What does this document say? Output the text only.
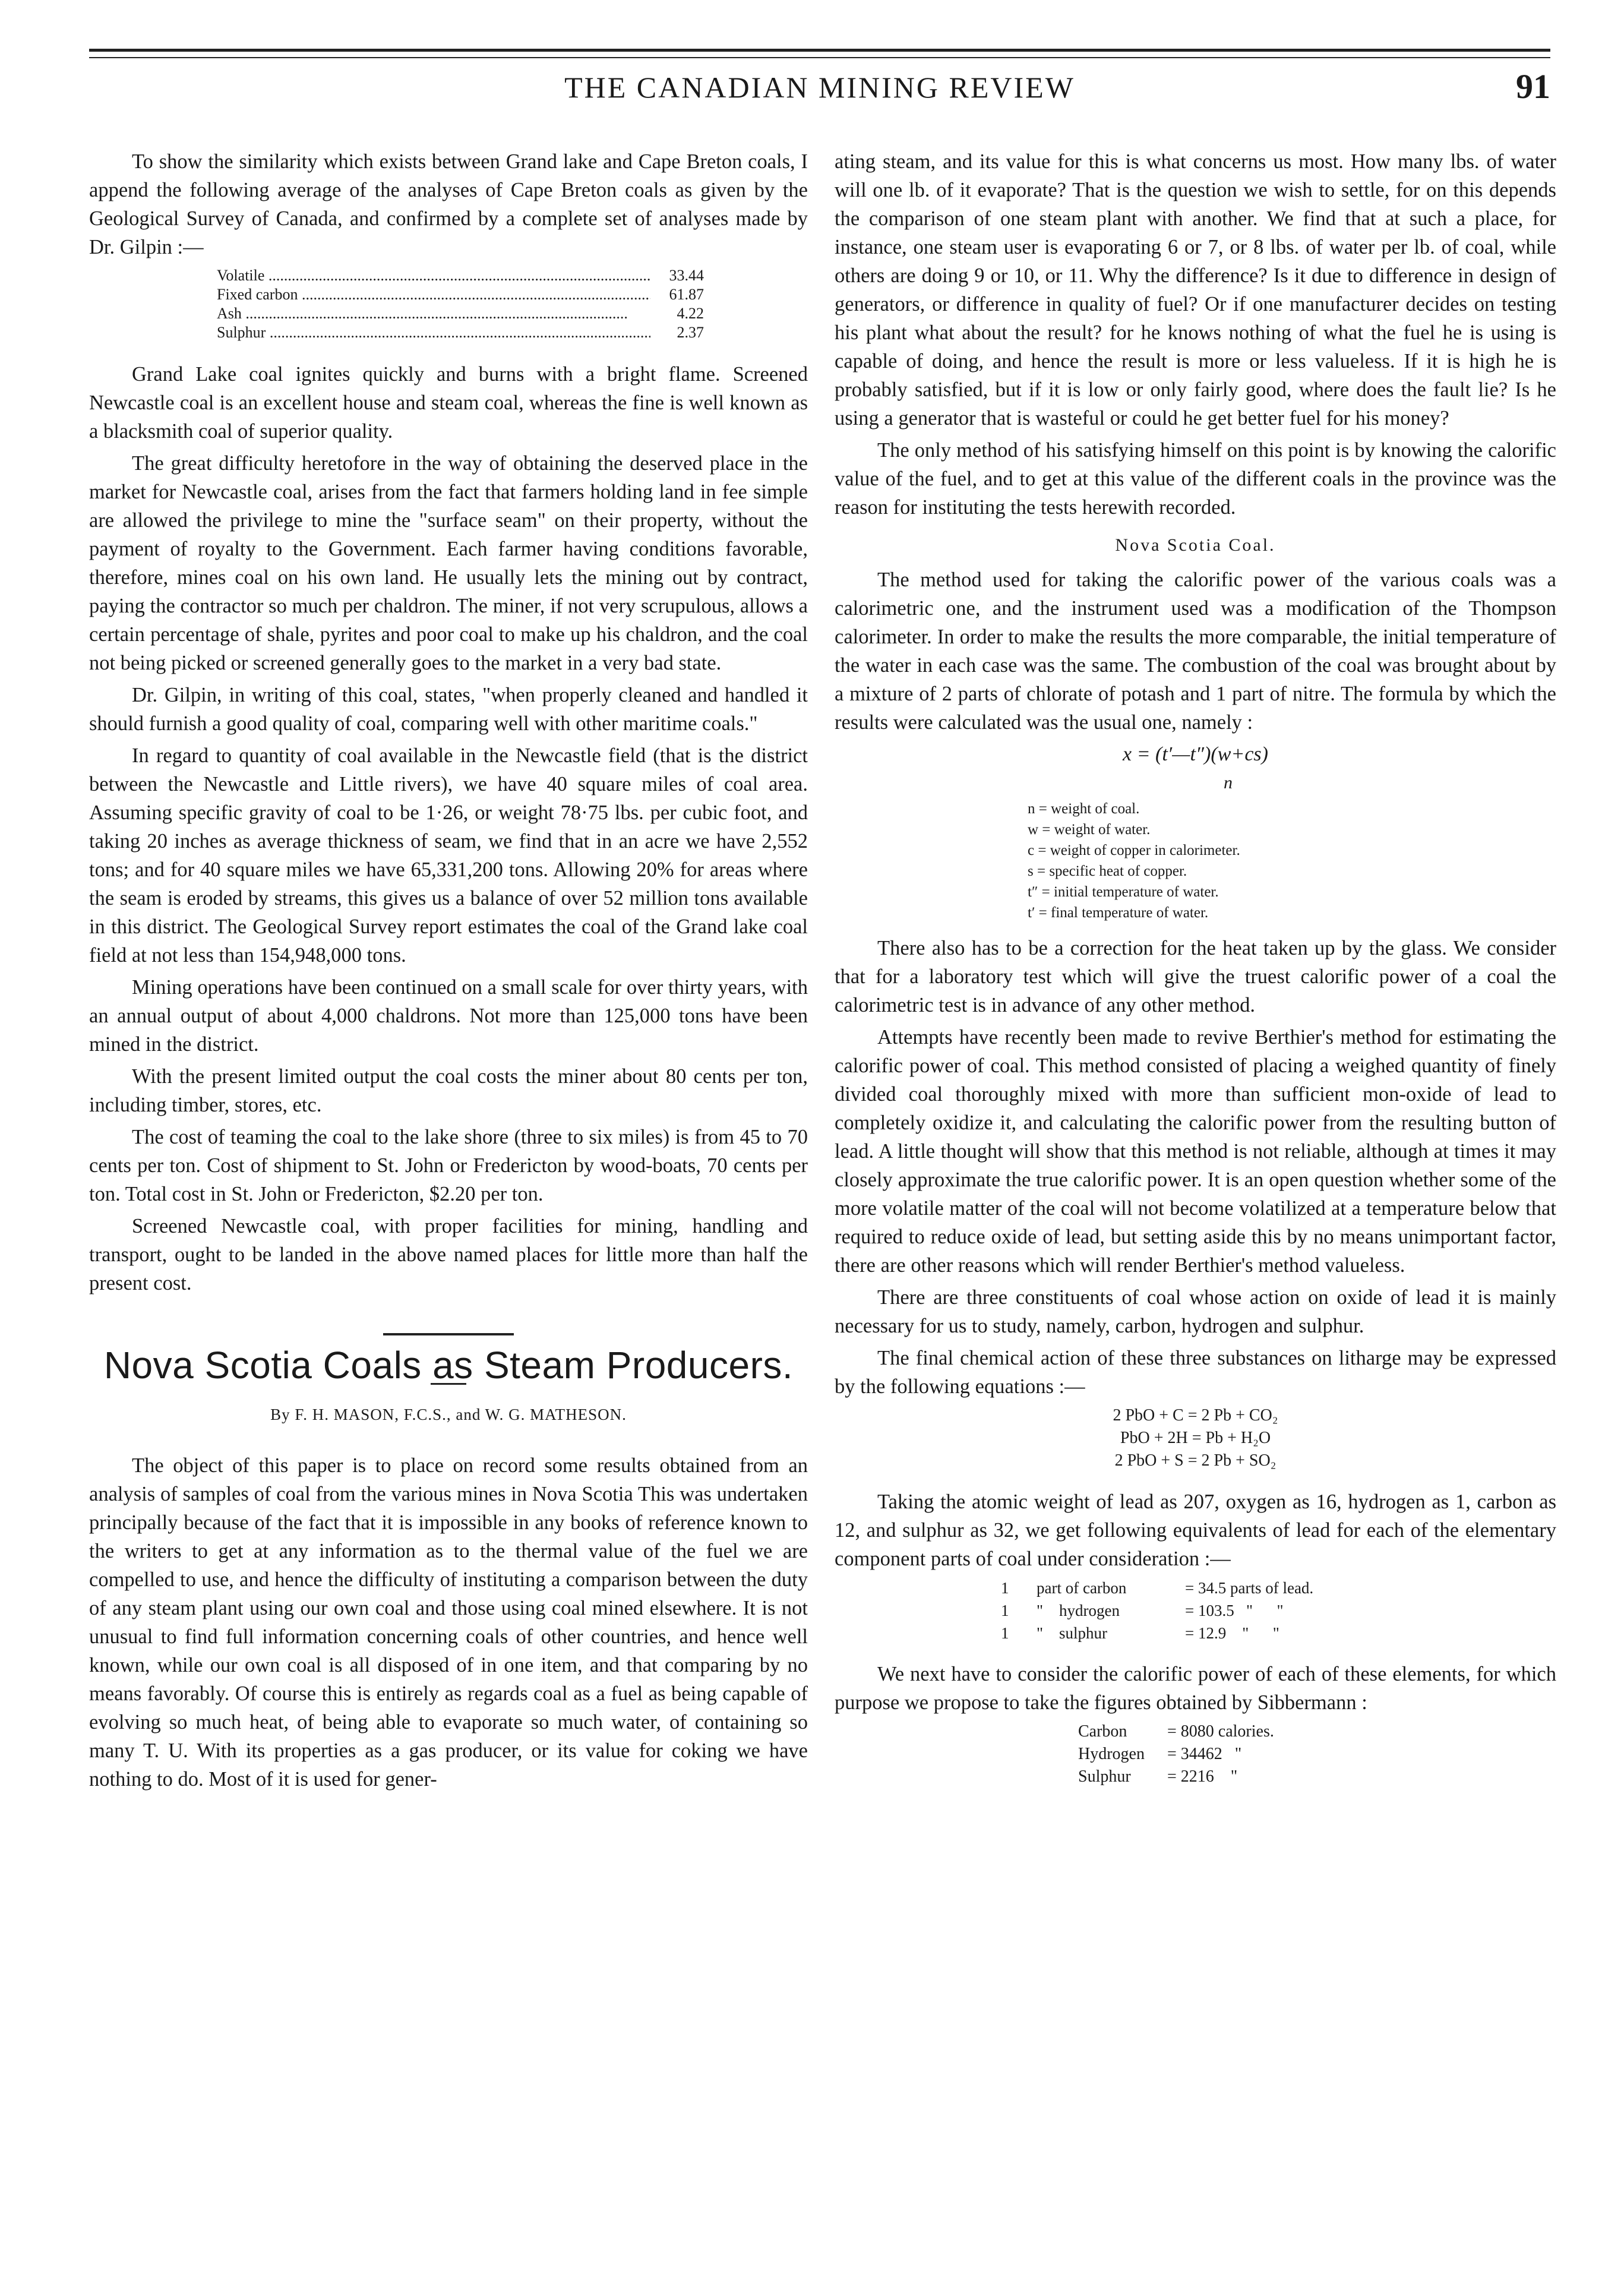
THE CANADIAN MINING REVIEW	91

To show the similarity which exists between Grand lake and Cape Breton coals, I append the following average of the analyses of Cape Breton coals as given by the Geological Survey of Canada, and confirmed by a complete set of analyses made by Dr. Gilpin :—

Volatile .....	33.44
Fixed carbon .....	61.87
Ash .....	4.22
Sulphur .....	2.37

Grand Lake coal ignites quickly and burns with a bright flame. Screened Newcastle coal is an excellent house and steam coal, whereas the fine is well known as a blacksmith coal of superior quality.

The great difficulty heretofore in the way of obtaining the deserved place in the market for Newcastle coal, arises from the fact that farmers holding land in fee simple are allowed the privilege to mine the "surface seam" on their property, without the payment of royalty to the Government. Each farmer having conditions favorable, therefore, mines coal on his own land. He usually lets the mining out by contract, paying the contractor so much per chaldron. The miner, if not very scrupulous, allows a certain percentage of shale, pyrites and poor coal to make up his chaldron, and the coal not being picked or screened generally goes to the market in a very bad state.

Dr. Gilpin, in writing of this coal, states, "when properly cleaned and handled it should furnish a good quality of coal, comparing well with other maritime coals."

In regard to quantity of coal available in the Newcastle field (that is the district between the Newcastle and Little rivers), we have 40 square miles of coal area. Assuming specific gravity of coal to be 1·26, or weight 78·75 lbs. per cubic foot, and taking 20 inches as average thickness of seam, we find that in an acre we have 2,552 tons; and for 40 square miles we have 65,331,200 tons. Allowing 20% for areas where the seam is eroded by streams, this gives us a balance of over 52 million tons available in this district. The Geological Survey report estimates the coal of the Grand lake coal field at not less than 154,948,000 tons.

Mining operations have been continued on a small scale for over thirty years, with an annual output of about 4,000 chaldrons. Not more than 125,000 tons have been mined in the district.

With the present limited output the coal costs the miner about 80 cents per ton, including timber, stores, etc.

The cost of teaming the coal to the lake shore (three to six miles) is from 45 to 70 cents per ton. Cost of shipment to St. John or Fredericton by wood-boats, 70 cents per ton. Total cost in St. John or Fredericton, $2.20 per ton.

Screened Newcastle coal, with proper facilities for mining, handling and transport, ought to be landed in the above named places for little more than half the present cost.

Nova Scotia Coals as Steam Producers.
By F. H. MASON, F.C.S., and W. G. MATHESON.

The object of this paper is to place on record some results obtained from an analysis of samples of coal from the various mines in Nova Scotia This was undertaken principally because of the fact that it is impossible in any books of reference known to the writers to get at any information as to the thermal value of the fuel we are compelled to use, and hence the difficulty of instituting a comparison between the duty of any steam plant using our own coal and those using coal mined elsewhere. It is not unusual to find full information concerning coals of other countries, and hence well known, while our own coal is all disposed of in one item, and that comparing by no means favorably. Of course this is entirely as regards coal as a fuel as being capable of evolving so much heat, of being able to evaporate so much water, of containing so many T. U. With its properties as a gas producer, or its value for coking we have nothing to do. Most of it is used for gener-

ating steam, and its value for this is what concerns us most. How many lbs. of water will one lb. of it evaporate? That is the question we wish to settle, for on this depends the comparison of one steam plant with another. We find that at such a place, for instance, one steam user is evaporating 6 or 7, or 8 lbs. of water per lb. of coal, while others are doing 9 or 10, or 11. Why the difference? Is it due to difference in design of generators, or difference in quality of fuel? Or if one manufacturer decides on testing his plant what about the result? for he knows nothing of what the fuel he is using is capable of doing, and hence the result is more or less valueless. If it is high he is probably satisfied, but if it is low or only fairly good, where does the fault lie? Is he using a generator that is wasteful or could he get better fuel for his money?

The only method of his satisfying himself on this point is by knowing the calorific value of the fuel, and to get at this value of the different coals in the province was the reason for instituting the tests herewith recorded.

Nova Scotia Coal.

The method used for taking the calorific power of the various coals was a calorimetric one, and the instrument used was a modification of the Thompson calorimeter. In order to make the results the more comparable, the initial temperature of the water in each case was the same. The combustion of the coal was brought about by a mixture of 2 parts of chlorate of potash and 1 part of nitre. The formula by which the results were calculated was the usual one, namely :

x = (t′—t″)(w+cs)
n
n = weight of coal.
w = weight of water.
c = weight of copper in calorimeter.
s = specific heat of copper.
t″ = initial temperature of water.
t′ = final temperature of water.

There also has to be a correction for the heat taken up by the glass. We consider that for a laboratory test which will give the truest calorific power of a coal the calorimetric test is in advance of any other method.

Attempts have recently been made to revive Berthier's method for estimating the calorific power of coal. This method consisted of placing a weighed quantity of finely divided coal thoroughly mixed with more than sufficient mon-oxide of lead to completely oxidize it, and calculating the calorific power from the resulting button of lead. A little thought will show that this method is not reliable, although at times it may closely approximate the true calorific power. It is an open question whether some of the more volatile matter of the coal will not become volatilized at a temperature below that required to reduce oxide of lead, but setting aside this by no means unimportant factor, there are other reasons which will render Berthier's method valueless.

There are three constituents of coal whose action on oxide of lead it is mainly necessary for us to study, namely, carbon, hydrogen and sulphur.

The final chemical action of these three substances on litharge may be expressed by the following equations :—

2 PbO + C = 2 Pb + CO₂
PbO + 2H = Pb + H₂O
2 PbO + S = 2 Pb + SO₂

Taking the atomic weight of lead as 207, oxygen as 16, hydrogen as 1, carbon as 12, and sulphur as 32, we get following equivalents of lead for each of the elementary component parts of coal under consideration :—

1	part of carbon	= 34.5 parts of lead.
1	"    hydrogen	= 103.5   "      "
1	"    sulphur	= 12.9    "      "

We next have to consider the calorific power of each of these elements, for which purpose we propose to take the figures obtained by Sibbermann :

Carbon	= 8080 calories.
Hydrogen	= 34462   "
Sulphur	= 2216    "
